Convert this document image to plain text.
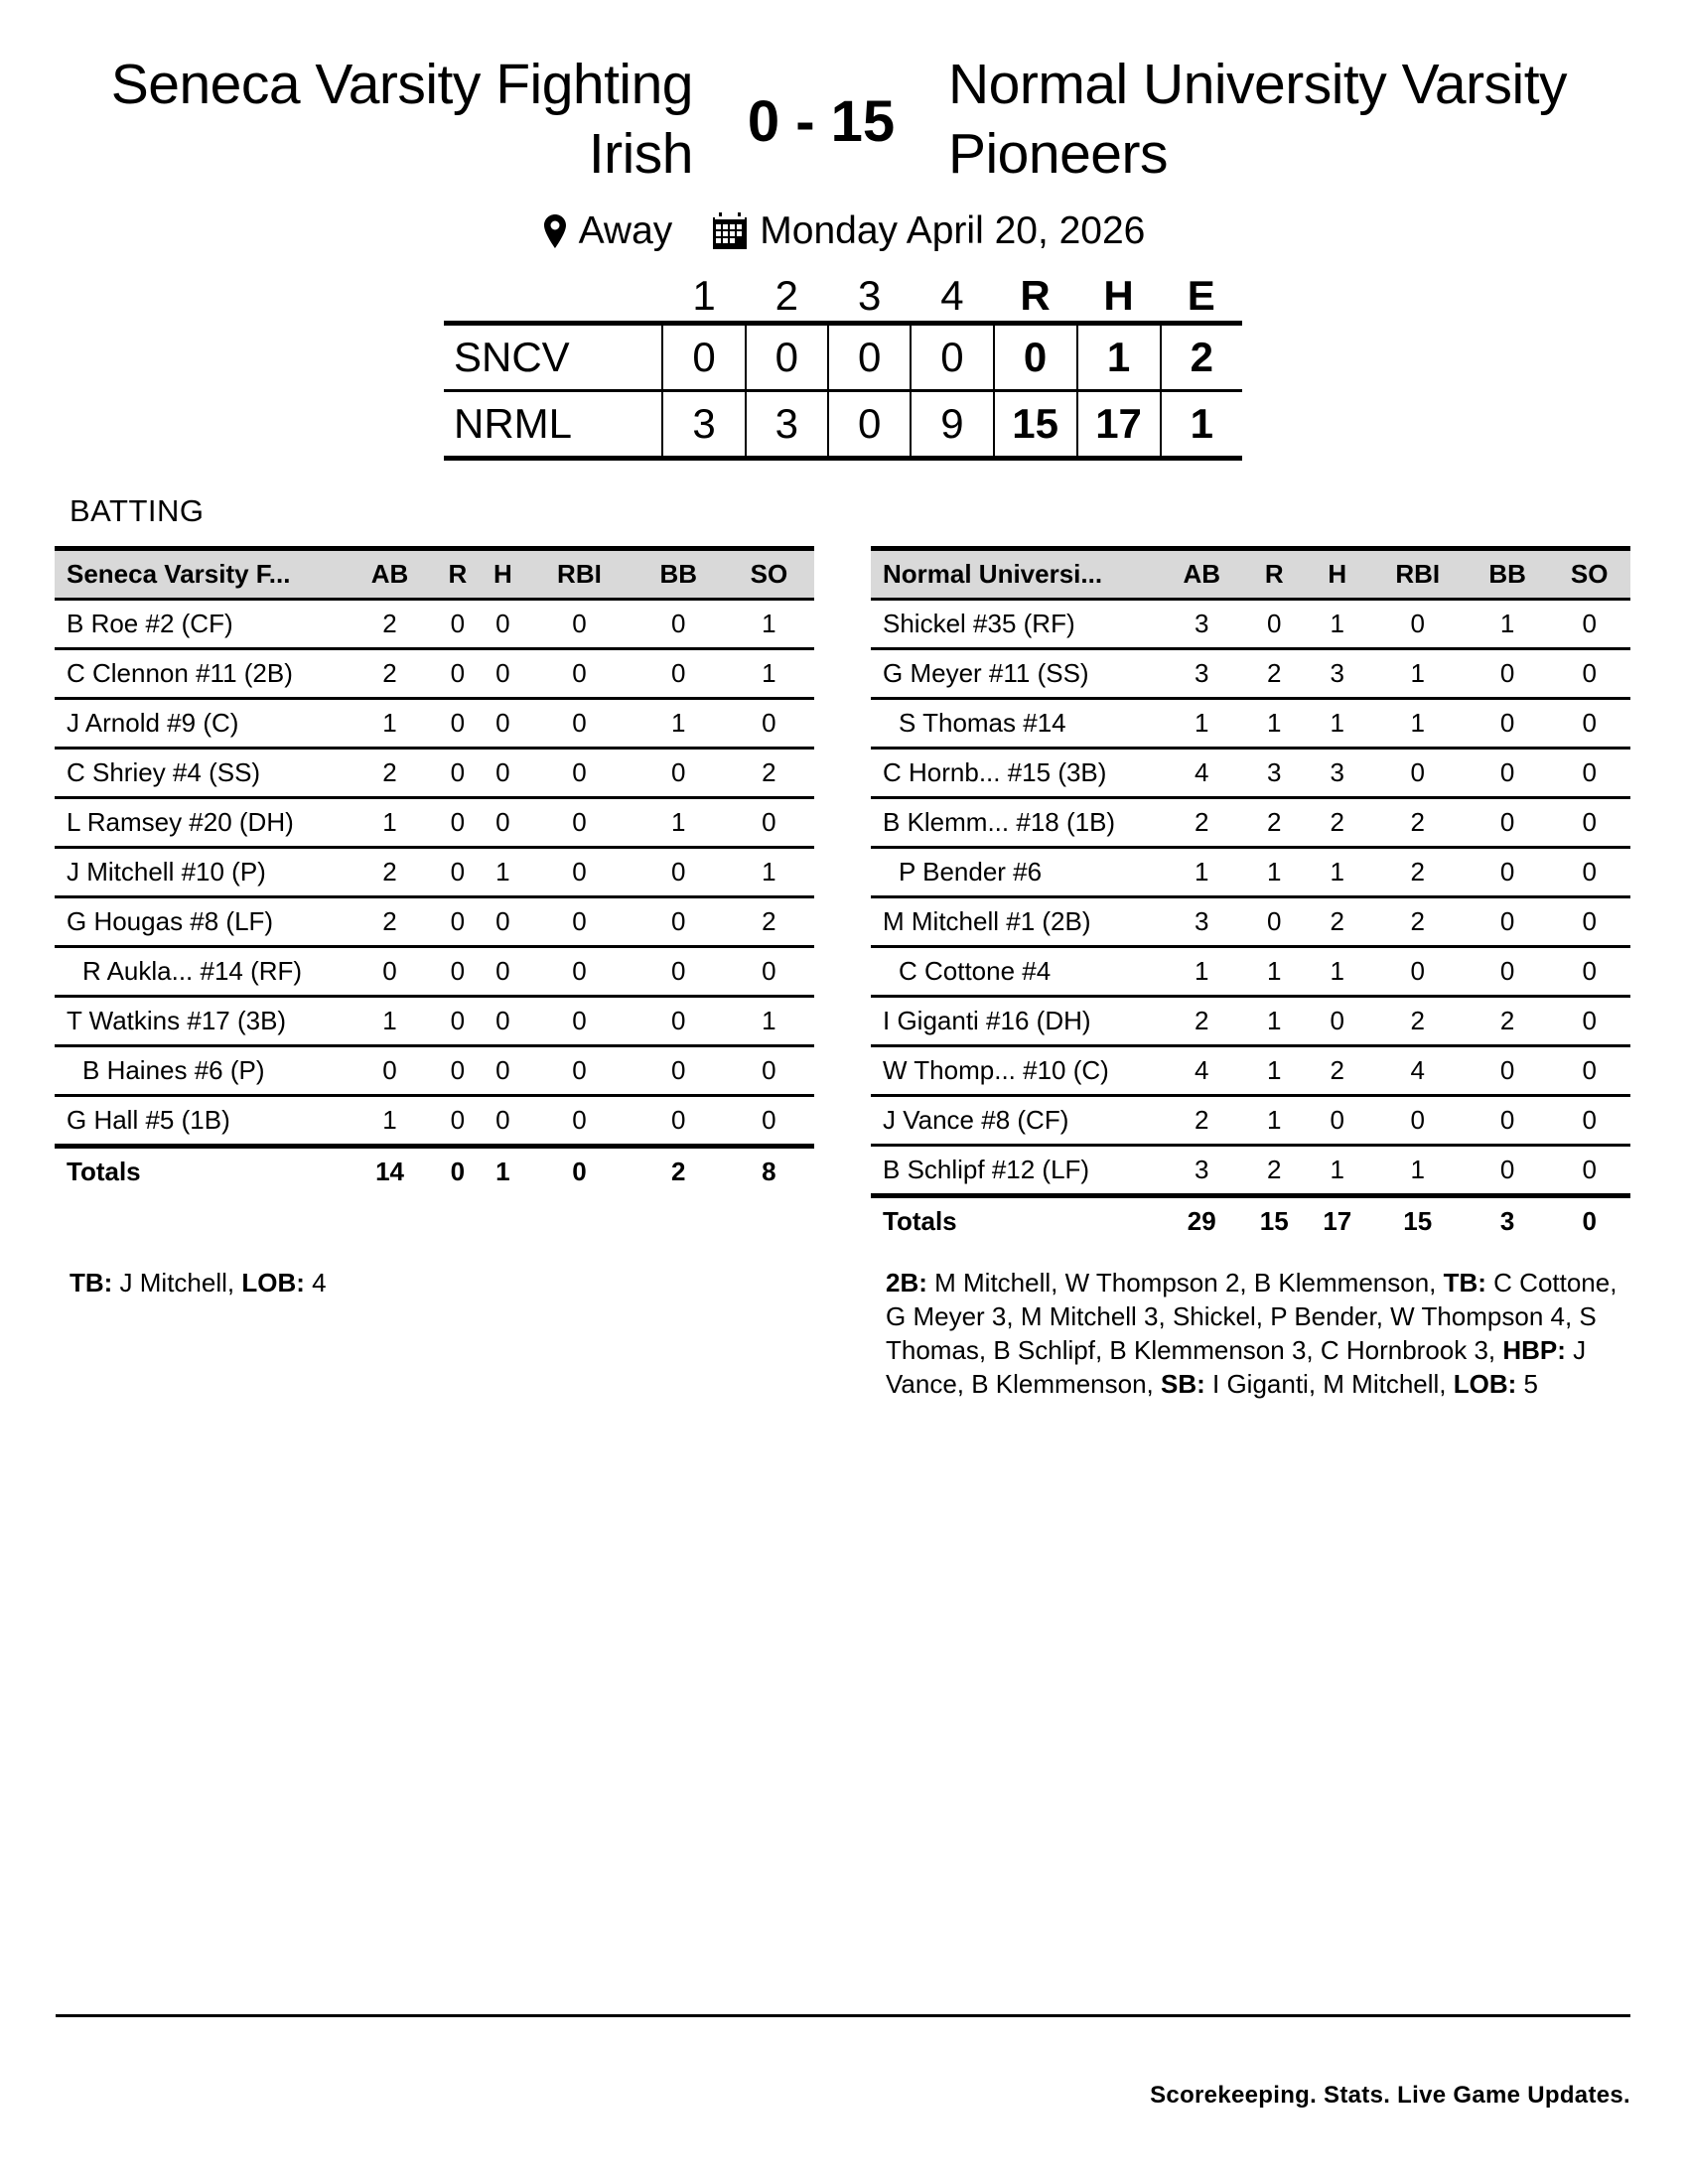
Seneca Varsity Fighting Irish 0 - 15
Normal University Varsity Pioneers
Away Monday April 20, 2026
	1	2	3	4	R	H	E
SNCV	0	0	0	0	0	1	2
NRML	3	3	0	9	15	17	1
BATTING
Seneca Varsity F...	AB	R	H	RBI	BB	SO
B Roe #2 (CF)	2	0	0	0	0	1
C Clennon #11 (2B)	2	0	0	0	0	1
J Arnold #9 (C)	1	0	0	0	1	0
C Shriey #4 (SS)	2	0	0	0	0	2
L Ramsey #20 (DH)	1	0	0	0	1	0
J Mitchell #10 (P)	2	0	1	0	0	1
G Hougas #8 (LF)	2	0	0	0	0	2
R Aukla... #14 (RF)	0	0	0	0	0	0
T Watkins #17 (3B)	1	0	0	0	0	1
B Haines #6 (P)	0	0	0	0	0	0
G Hall #5 (1B)	1	0	0	0	0	0
Totals	14	0	1	0	2	8
Normal Universi...	AB	R	H	RBI	BB	SO
Shickel #35 (RF)	3	0	1	0	1	0
G Meyer #11 (SS)	3	2	3	1	0	0
S Thomas #14	1	1	1	1	0	0
C Hornb... #15 (3B)	4	3	3	0	0	0
B Klemm... #18 (1B)	2	2	2	2	0	0
P Bender #6	1	1	1	2	0	0
M Mitchell #1 (2B)	3	0	2	2	0	0
C Cottone #4	1	1	1	0	0	0
I Giganti #16 (DH)	2	1	0	2	2	0
W Thomp... #10 (C)	4	1	2	4	0	0
J Vance #8 (CF)	2	1	0	0	0	0
B Schlipf #12 (LF)	3	2	1	1	0	0
Totals	29	15	17	15	3	0
TB: J Mitchell, LOB: 4	2B: M Mitchell, W Thompson 2, B Klemmenson, TB: C Cottone, G Meyer 3, M Mitchell 3, Shickel, P Bender, W Thompson 4, S Thomas, B Schlipf, B Klemmenson 3, C Hornbrook 3, HBP: J Vance, B Klemmenson, SB: I Giganti, M Mitchell, LOB: 5
Scorekeeping. Stats. Live Game Updates.
